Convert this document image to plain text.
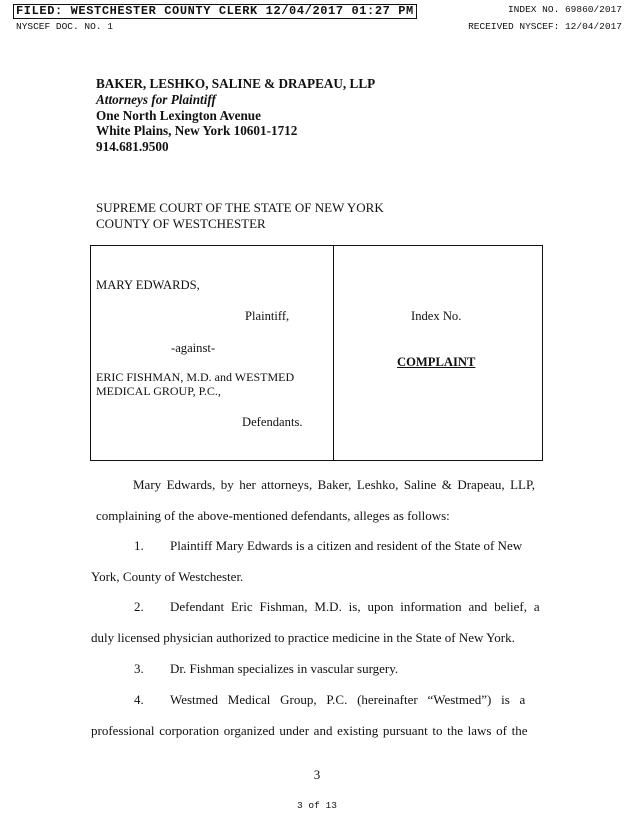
FILED: WESTCHESTER COUNTY CLERK 12/04/2017 01:27 PM	INDEX NO. 69860/2017
NYSCEF DOC. NO. 1	RECEIVED NYSCEF: 12/04/2017
BAKER, LESHKO, SALINE & DRAPEAU, LLP
Attorneys for Plaintiff
One North Lexington Avenue
White Plains, New York 10601-1712
914.681.9500
SUPREME COURT OF THE STATE OF NEW YORK
COUNTY OF WESTCHESTER
MARY EDWARDS,
Plaintiff,
-against-
ERIC FISHMAN, M.D. and WESTMED
MEDICAL GROUP, P.C.,
Defendants.
Index No.
COMPLAINT
Mary Edwards, by her attorneys, Baker, Leshko, Saline & Drapeau, LLP,
complaining of the above-mentioned defendants, alleges as follows:
1. Plaintiff Mary Edwards is a citizen and resident of the State of New
York, County of Westchester.
2. Defendant Eric Fishman, M.D. is, upon information and belief, a
duly licensed physician authorized to practice medicine in the State of New York.
3. Dr. Fishman specializes in vascular surgery.
4. Westmed Medical Group, P.C. (hereinafter “Westmed”) is a
professional corporation organized under and existing pursuant to the laws of the
3
3 of 13
